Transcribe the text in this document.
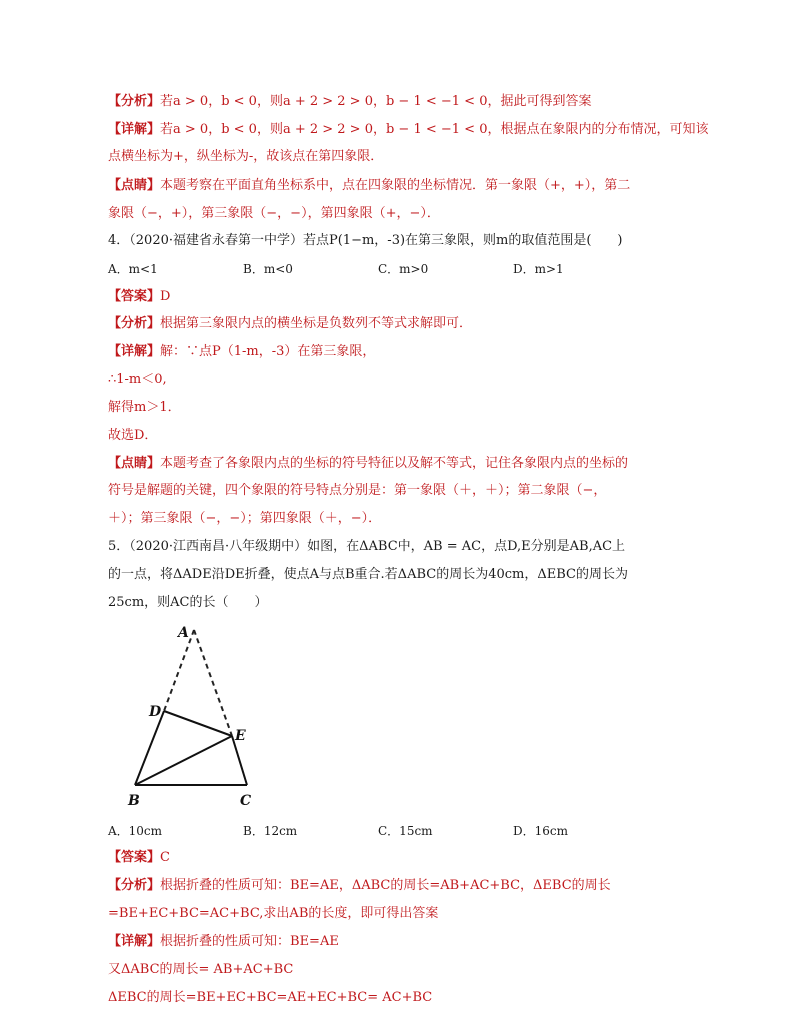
【分析】若a > 0，b < 0，则a + 2 > 2 > 0，b − 1 < −1 < 0，据此可得到答案
【详解】若a > 0，b < 0，则a + 2 > 2 > 0，b − 1 < −1 < 0，根据点在象限内的分布情况，可知该
点横坐标为+，纵坐标为-，故该点在第四象限．
【点睛】本题考察在平面直角坐标系中，点在四象限的坐标情况．第一象限（+，+），第二
象限（−，+），第三象限（−，−），第四象限（+，−）．
4．（2020·福建省永春第一中学）若点P(1−m，-3)在第三象限，则m的取值范围是(　　)
A．m<1	B．m<0	C．m>0	D．m>1
【答案】D
【分析】根据第三象限内点的横坐标是负数列不等式求解即可．
【详解】解：∵点P（1-m，-3）在第三象限，
∴1-m＜0,
解得m＞1．
故选D．
【点睛】本题考查了各象限内点的坐标的符号特征以及解不等式，记住各象限内点的坐标的
符号是解题的关键，四个象限的符号特点分别是：第一象限（＋，＋）；第二象限（−，
＋）；第三象限（−，−）；第四象限（＋，−）．
5．（2020·江西南昌·八年级期中）如图，在ΔABC中，AB = AC，点D,E分别是AB,AC上
的一点，将ΔADE沿DE折叠，使点A与点B重合.若ΔABC的周长为40cm，ΔEBC的周长为
25cm，则AC的长（　　）
A
D
E
B	C
A．10cm	B．12cm	C．15cm	D．16cm
【答案】C
【分析】根据折叠的性质可知：BE=AE，ΔABC的周长=AB+AC+BC，ΔEBC的周长
=BE+EC+BC=AC+BC,求出AB的长度，即可得出答案
【详解】根据折叠的性质可知：BE=AE
又ΔABC的周长= AB+AC+BC
ΔEBC的周长=BE+EC+BC=AE+EC+BC= AC+BC
